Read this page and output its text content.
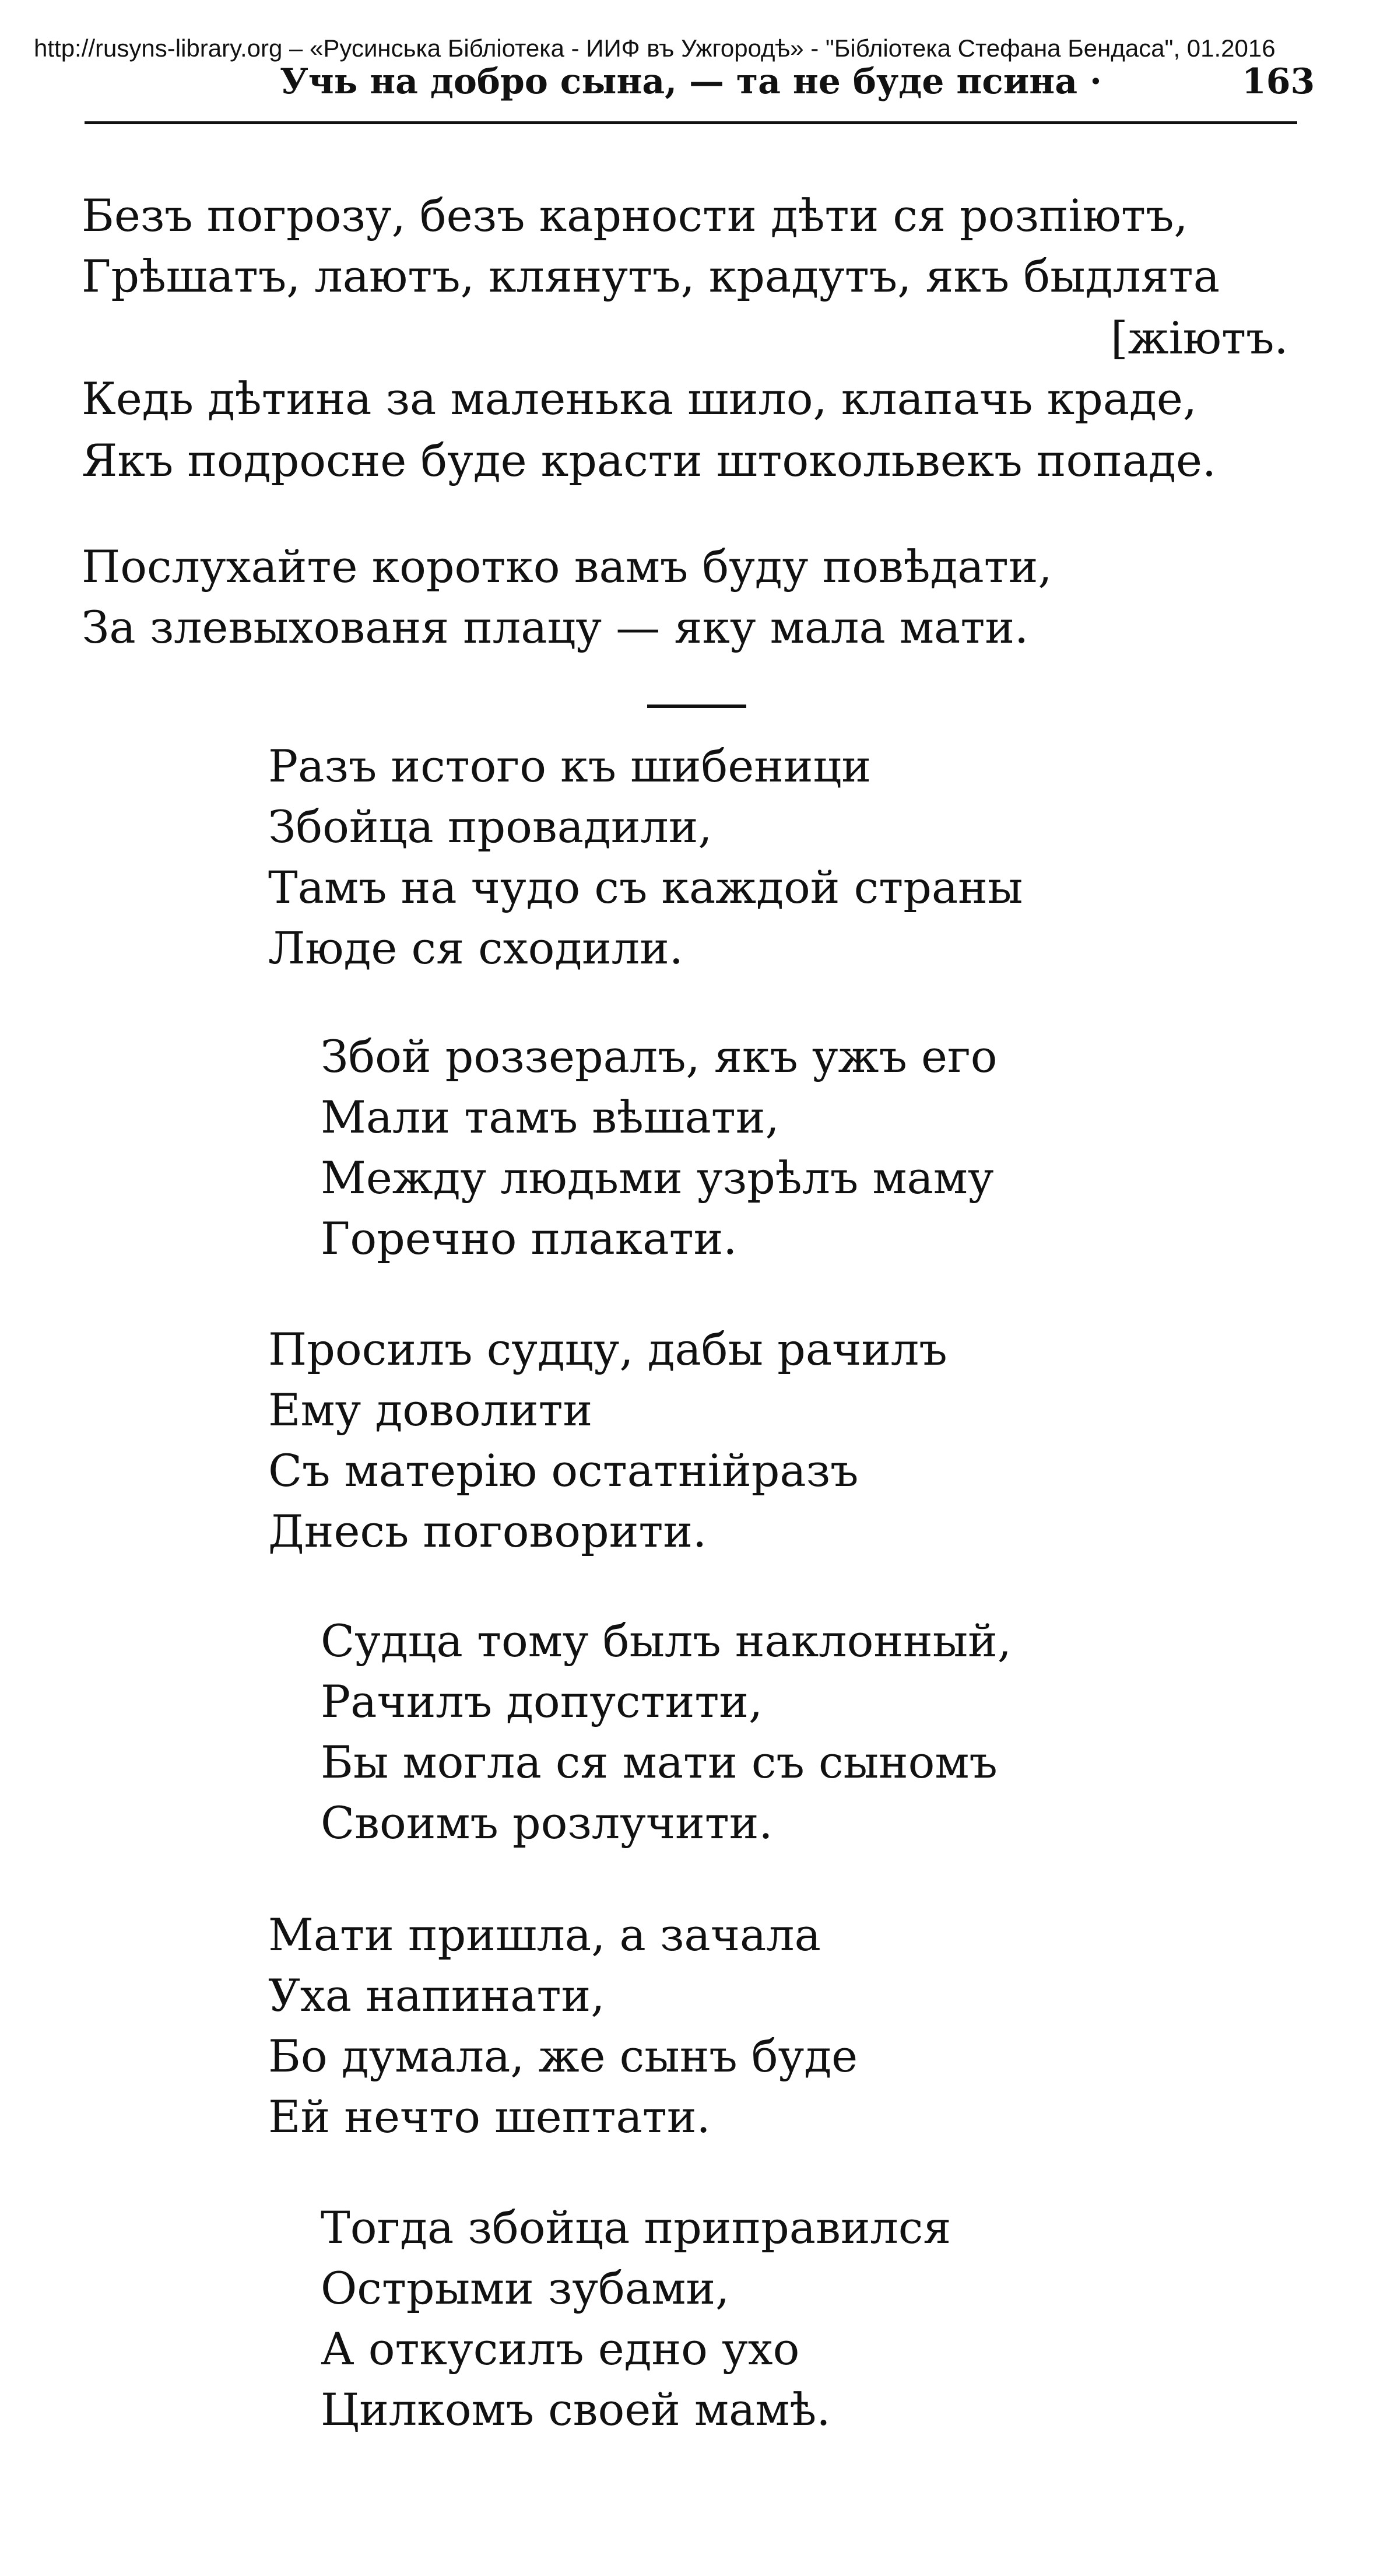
http://rusyns-library.org – «Русинська Бібліотека - ИИФ въ Ужгородѣ» - "Бібліотека Стефана Бендаса", 01.2016
Учь на добро сына, — та не буде псина ·	163
Безъ погрозу, безъ карности дѣти ся розпіютъ,
Грѣшатъ, лаютъ, клянутъ, крадутъ, якъ быдлята
[жіютъ.
Кедь дѣтина за маленька шило, клапачь краде,
Якъ подросне буде красти штокольвекъ попаде.
Послухайте коротко вамъ буду повѣдати,
За злевыхованя плацу — яку мала мати.
Разъ истого къ шибеници
Збойца провадили,
Тамъ на чудо съ каждой страны
Люде ся сходили.
Збой роззералъ, якъ ужъ его
Мали тамъ вѣшати,
Между людьми узрѣлъ маму
Горечно плакати.
Просилъ судцу, дабы рачилъ
Ему доволити
Съ матерію остатнійразъ
Днесь поговорити.
Судца тому былъ наклонный,
Рачилъ допустити,
Бы могла ся мати съ сыномъ
Своимъ розлучити.
Мати пришла, а зачала
Уха напинати,
Бо думала, же сынъ буде
Ей нечто шептати.
Тогда збойца приправился
Острыми зубами,
А откусилъ едно ухо
Цилкомъ своей мамѣ.
